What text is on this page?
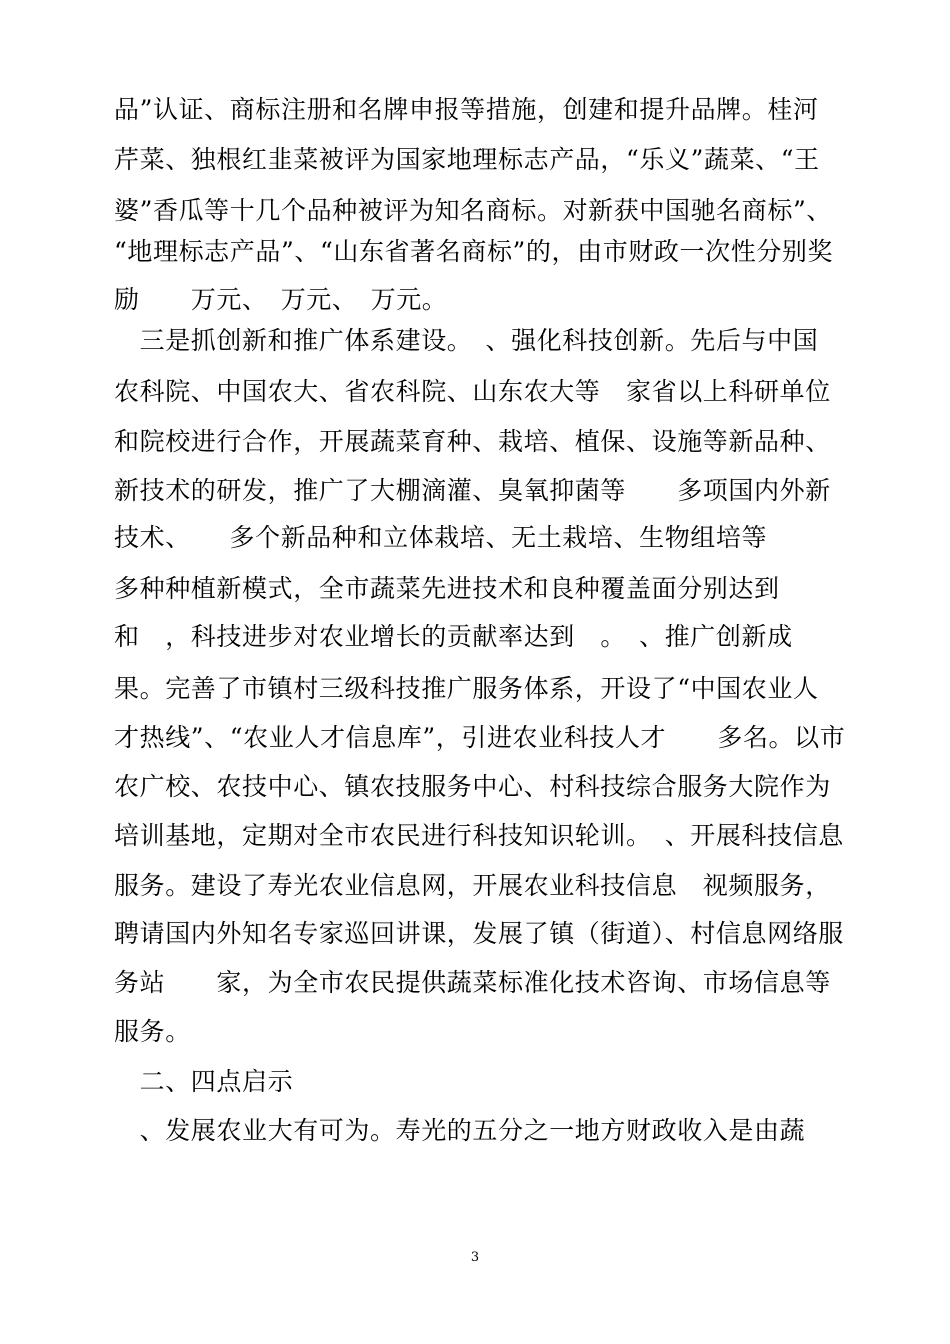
品”认证、商标注册和名牌申报等措施，创建和提升品牌。桂河
芹菜、独根红韭菜被评为国家地理标志产品，“乐义”蔬菜、“王
婆”香瓜等十几个品种被评为知名商标。对新获中国驰名商标”、
“地理标志产品”、“山东省著名商标”的，由市财政一次性分别奖
励　　万元、　万元、　万元。
　三是抓创新和推广体系建设。　、强化科技创新。先后与中国
农科院、中国农大、省农科院、山东农大等　家省以上科研单位
和院校进行合作，开展蔬菜育种、栽培、植保、设施等新品种、
新技术的研发，推广了大棚滴灌、臭氧抑菌等　　多项国内外新
技术、　　多个新品种和立体栽培、无土栽培、生物组培等
多种种植新模式，全市蔬菜先进技术和良种覆盖面分别达到
和　，科技进步对农业增长的贡献率达到　。　、推广创新成
果。完善了市镇村三级科技推广服务体系，开设了“中国农业人
才热线”、“农业人才信息库”，引进农业科技人才　　多名。以市
农广校、农技中心、镇农技服务中心、村科技综合服务大院作为
培训基地，定期对全市农民进行科技知识轮训。　、开展科技信息
服务。建设了寿光农业信息网，开展农业科技信息　视频服务，
聘请国内外知名专家巡回讲课，发展了镇（街道）、村信息网络服
务站　　家，为全市农民提供蔬菜标准化技术咨询、市场信息等
服务。
　二、四点启示
　、发展农业大有可为。寿光的五分之一地方财政收入是由蔬
3
